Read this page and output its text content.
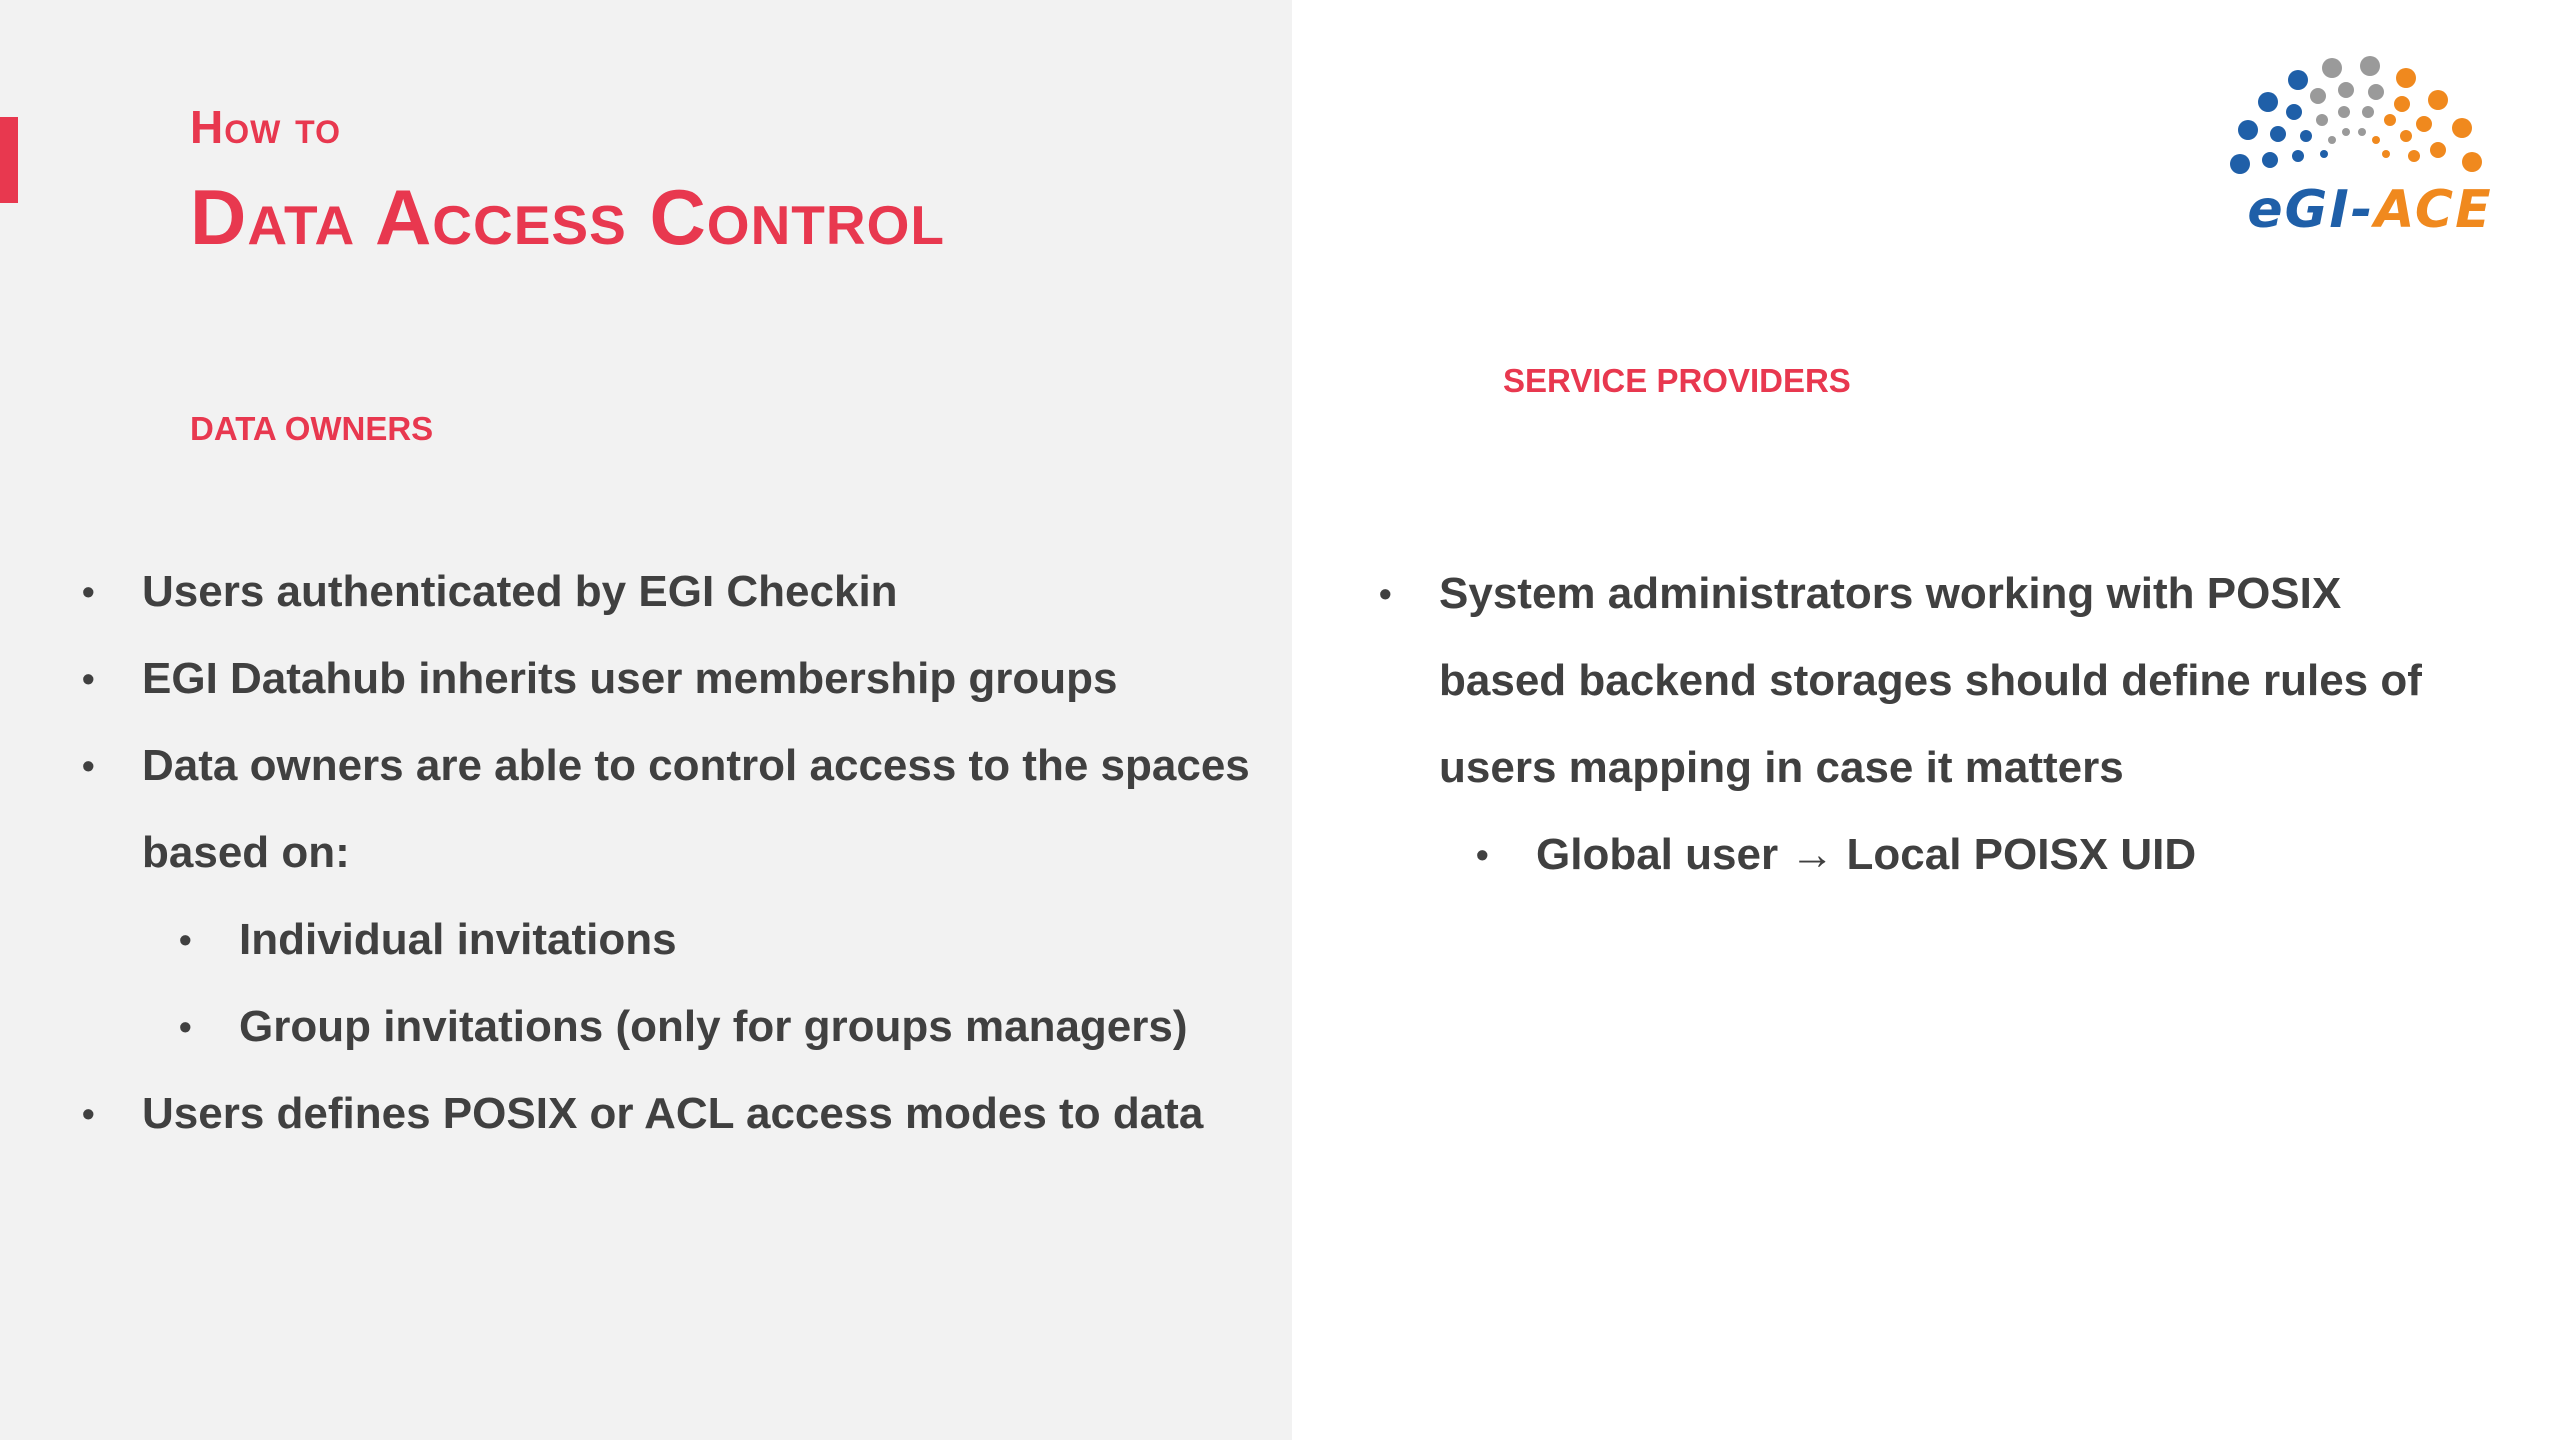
How to
Data Access Control
DATA OWNERS
SERVICE PROVIDERS
• Users authenticated by EGI Checkin
• EGI Datahub inherits user membership groups
• Data owners are able to control access to the spaces based on:
• Individual invitations
• Group invitations (only for groups managers)
• Users defines POSIX or ACL access modes to data
• System administrators working with POSIX based backend storages should define rules of users mapping in case it matters
• Global user → Local POISX UID
eGI-ACE
